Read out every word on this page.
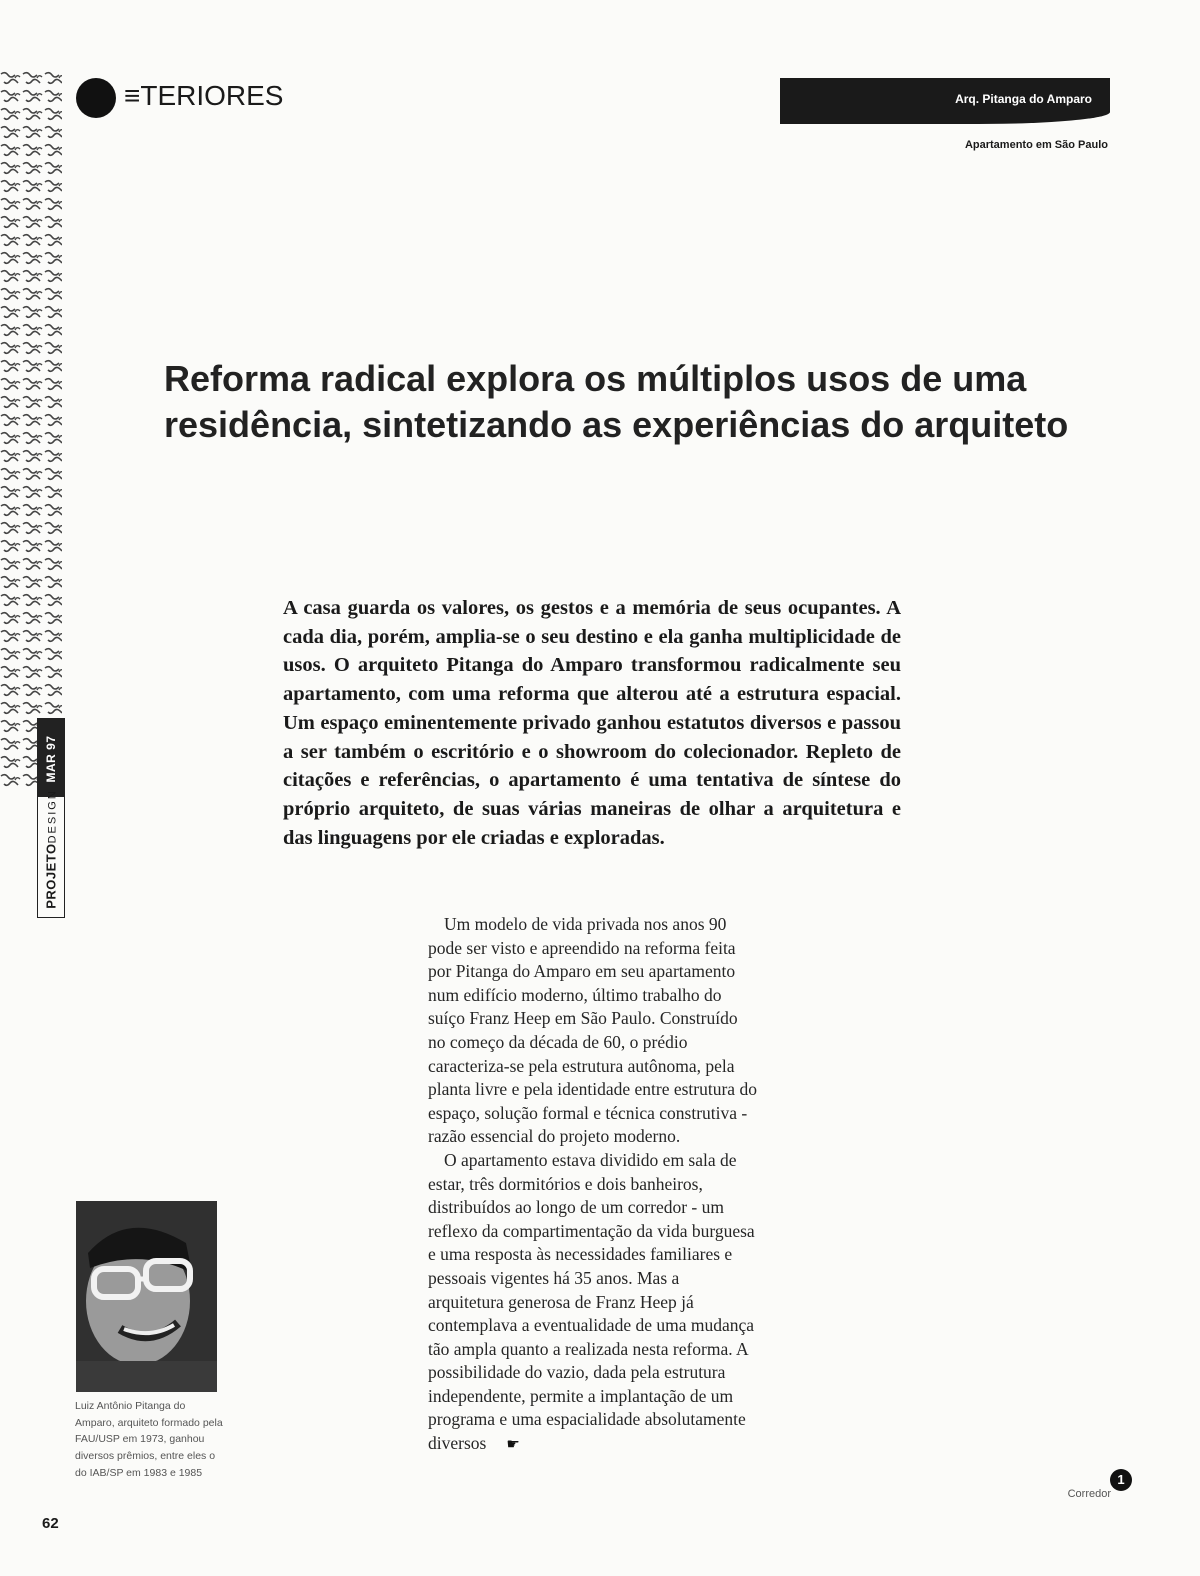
MAR 97
PROJETODESIGN
≡TERIORES	Arq. Pitanga do Amparo
Apartamento em São Paulo
Reforma radical explora os múltiplos usos de uma residência, sintetizando as experiências do arquiteto

A casa guarda os valores, os gestos e a memória de seus ocupantes. A cada dia, porém, amplia-se o seu destino e ela ganha multiplicidade de usos. O arquiteto Pitanga do Amparo transformou radicalmente seu apartamento, com uma reforma que alterou até a estrutura espacial. Um espaço eminentemente privado ganhou estatutos diversos e passou a ser também o escritório e o showroom do colecionador. Repleto de citações e referências, o apartamento é uma tentativa de síntese do próprio arquiteto, de suas várias maneiras de olhar a arquitetura e das linguagens por ele criadas e exploradas.

Um modelo de vida privada nos anos 90 pode ser visto e apreendido na reforma feita por Pitanga do Amparo em seu apartamento num edifício moderno, último trabalho do suíço Franz Heep em São Paulo. Construído no começo da década de 60, o prédio caracteriza-se pela estrutura autônoma, pela planta livre e pela identidade entre estrutura do espaço, solução formal e técnica construtiva - razão essencial do projeto moderno.

O apartamento estava dividido em sala de estar, três dormitórios e dois banheiros, distribuídos ao longo de um corredor - um reflexo da compartimentação da vida burguesa e uma resposta às necessidades familiares e pessoais vigentes há 35 anos. Mas a arquitetura generosa de Franz Heep já contemplava a eventualidade de uma mudança tão ampla quanto a realizada nesta reforma. A possibilidade do vazio, dada pela estrutura independente, permite a implantação de um programa e uma espacialidade absolutamente diversos ☛

Luiz Antônio Pitanga do Amparo, arquiteto formado pela FAU/USP em 1973, ganhou diversos prêmios, entre eles o do IAB/SP em 1983 e 1985

62
Corredor
1
